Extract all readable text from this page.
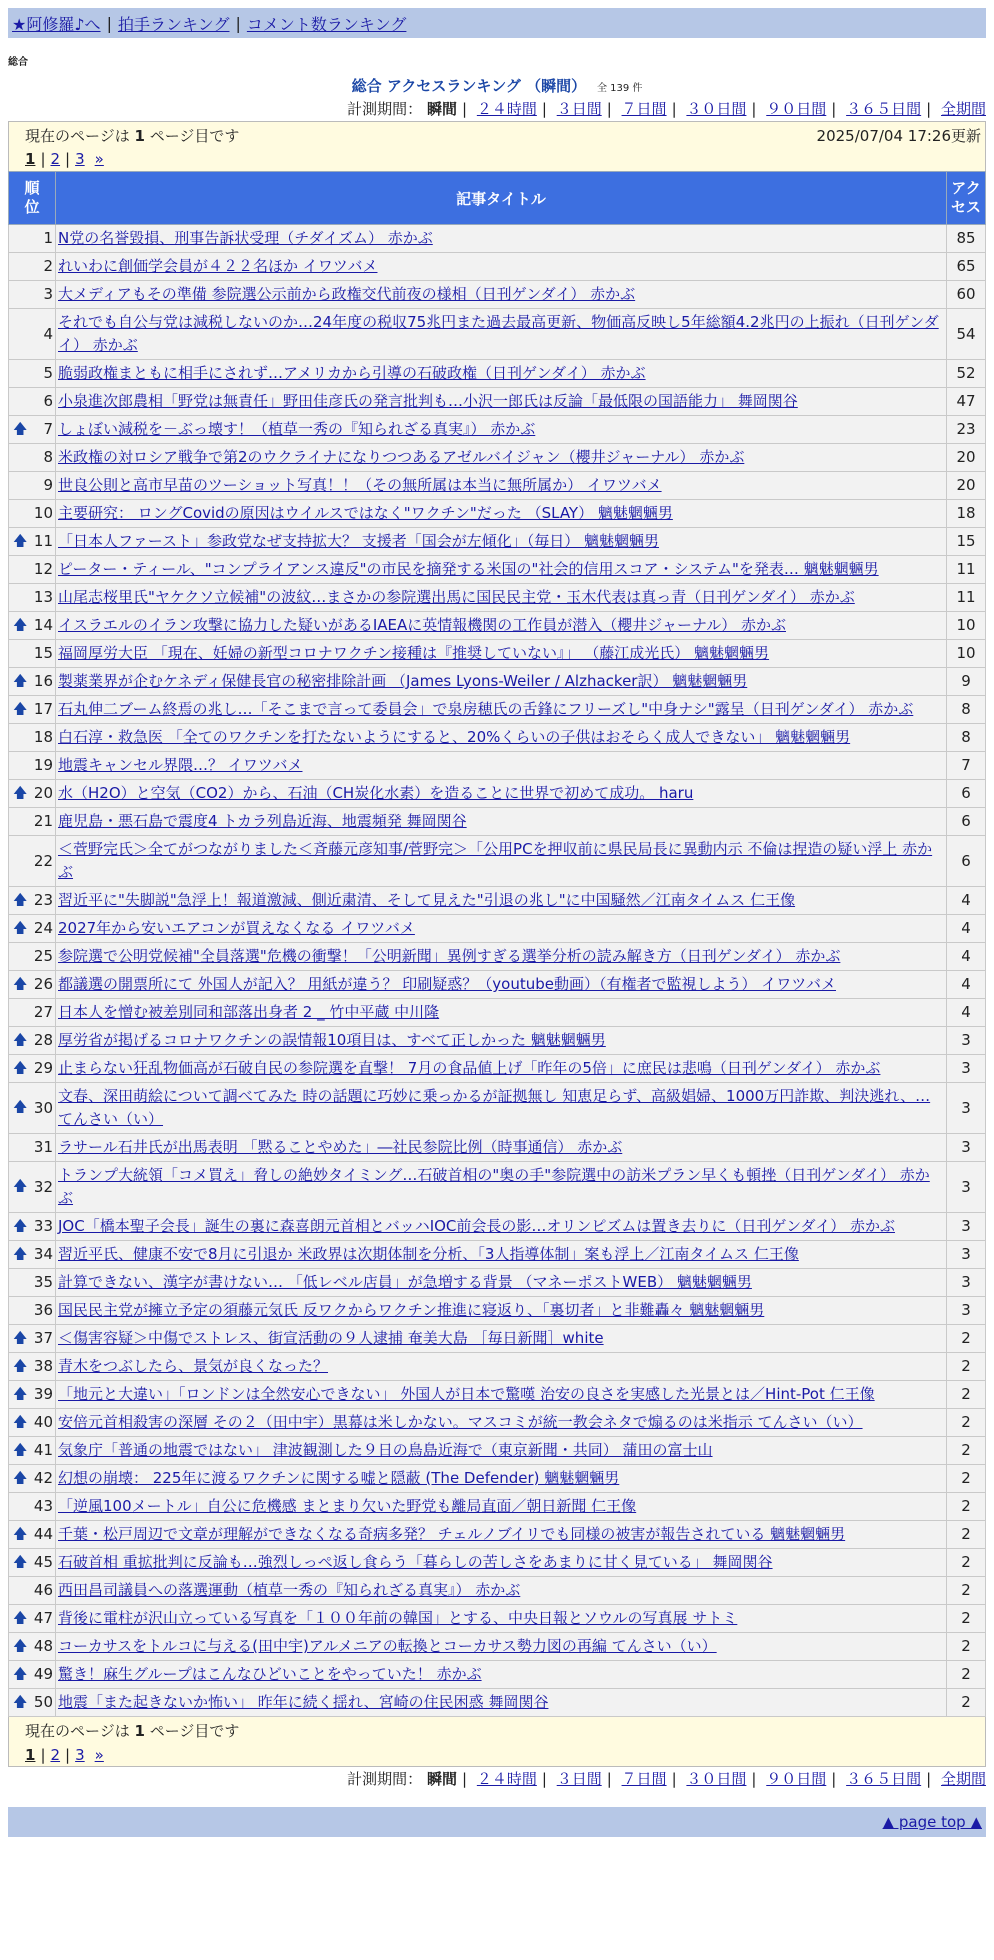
★阿修羅♪へ | 拍手ランキング | コメント数ランキング
総合
総合 アクセスランキング （瞬間） 全 139 件
計測期間： 瞬間 | ２４時間 | ３日間 | ７日間 | ３０日間 | ９０日間 | ３６５日間 | 全期間
現在のページは 1 ページ目です	2025/07/04 17:26更新
1 | 2 | 3 »
順
位	記事タイトル	アク
セス
1	N党の名誉毀損、刑事告訴状受理（チダイズム） 赤かぶ	85
2	れいわに創価学会員が４２２名ほか イワツバメ	65
3	大メディアもその準備 参院選公示前から政権交代前夜の様相（日刊ゲンダイ） 赤かぶ	60
4	それでも自公与党は減税しないのか…24年度の税収75兆円また過去最高更新、物価高反映し5年総額4.2兆円の上振れ（日刊ゲンダイ） 赤かぶ	54
5	脆弱政権まともに相手にされず…アメリカから引導の石破政権（日刊ゲンダイ） 赤かぶ	52
6	小泉進次郎農相「野党は無責任」野田佳彦氏の発言批判も…小沢一郎氏は反論「最低限の国語能力」 舞岡関谷	47

🡅 7	しょぼい減税を－ぶっ壊す！（植草一秀の『知られざる真実』） 赤かぶ	23
8	米政権の対ロシア戦争で第2のウクライナになりつつあるアゼルバイジャン（櫻井ジャーナル） 赤かぶ	20
9	世良公則と高市早苗のツーショット写真！！（その無所属は本当に無所属か） イワツバメ	20
10	主要研究： ロングCovidの原因はウイルスではなく"ワクチン"だった （SLAY） 魑魅魍魎男	18

🡅 11	「日本人ファースト」参政党なぜ支持拡大？ 支援者「国会が左傾化」（毎日） 魑魅魍魎男	15
12	ピーター・ティール、"コンプライアンス違反"の市民を摘発する米国の"社会的信用スコア・システム"を発表… 魑魅魍魎男	11
13	山尾志桜里氏"ヤケクソ立候補"の波紋…まさかの参院選出馬に国民民主党・玉木代表は真っ青（日刊ゲンダイ） 赤かぶ	11

🡅 14	イスラエルのイラン攻撃に協力した疑いがあるIAEAに英情報機関の工作員が潜入（櫻井ジャーナル） 赤かぶ	10
15	福岡厚労大臣 「現在、妊婦の新型コロナワクチン接種は『推奨していない』」 （藤江成光氏） 魑魅魍魎男	10

🡅 16	製薬業界が企むケネディ保健長官の秘密排除計画 （James Lyons-Weiler / Alzhacker訳） 魑魅魍魎男	9

🡅 17	石丸伸二ブーム終焉の兆し…「そこまで言って委員会」で泉房穂氏の舌鋒にフリーズし"中身ナシ"露呈（日刊ゲンダイ） 赤かぶ	8
18	白石淳・救急医 「全てのワクチンを打たないようにすると、20%くらいの子供はおそらく成人できない」 魑魅魍魎男	8
19	地震キャンセル界隈…？ イワツバメ	7

🡅 20	水（H2O）と空気（CO2）から、石油（CH炭化水素）を造ることに世界で初めて成功。 haru	6
21	鹿児島・悪石島で震度4 トカラ列島近海、地震頻発 舞岡関谷	6
22	＜菅野完氏＞全てがつながりました＜斉藤元彦知事/菅野完＞「公用PCを押収前に県民局長に異動内示 不倫は捏造の疑い浮上 赤かぶ	6

🡅 23	習近平に"失脚説"急浮上！報道激減、側近粛清、そして見えた"引退の兆し"に中国騒然／江南タイムス 仁王像	4

🡅 24	2027年から安いエアコンが買えなくなる イワツバメ	4
25	参院選で公明党候補"全員落選"危機の衝撃！「公明新聞」異例すぎる選挙分析の読み解き方（日刊ゲンダイ） 赤かぶ	4

🡅 26	都議選の開票所にて 外国人が記入？ 用紙が違う？ 印刷疑惑？（youtube動画）（有権者で監視しよう） イワツバメ	4
27	日本人を憎む被差別同和部落出身者 2 _ 竹中平蔵 中川隆	4

🡅 28	厚労省が掲げるコロナワクチンの誤情報10項目は、すべて正しかった 魑魅魍魎男	3

🡅 29	止まらない狂乱物価高が石破自民の参院選を直撃！ 7月の食品値上げ「昨年の5倍」に庶民は悲鳴（日刊ゲンダイ） 赤かぶ	3

🡅 30	文春、深田萌絵について調べてみた 時の話題に巧妙に乗っかるが証拠無し 知恵足らず、高級娼婦、1000万円詐欺、判決逃れ、… てんさい（い）	3
31	ラサール石井氏が出馬表明 「黙ることやめた」―社民参院比例（時事通信） 赤かぶ	3

🡅 32	トランプ大統領「コメ買え」脅しの絶妙タイミング…石破首相の"奥の手"参院選中の訪米プラン早くも頓挫（日刊ゲンダイ） 赤かぶ	3

🡅 33	JOC「橋本聖子会長」誕生の裏に森喜朗元首相とバッハIOC前会長の影…オリンピズムは置き去りに（日刊ゲンダイ） 赤かぶ	3

🡅 34	習近平氏、健康不安で8月に引退か 米政界は次期体制を分析、「3人指導体制」案も浮上／江南タイムス 仁王像	3
35	計算できない、漢字が書けない… 「低レベル店員」が急増する背景 （マネーポストWEB） 魑魅魍魎男	3
36	国民民主党が擁立予定の須藤元気氏 反ワクからワクチン推進に寝返り、「裏切者」と非難轟々 魑魅魍魎男	3

🡅 37	＜傷害容疑＞中傷でストレス、街宣活動の９人逮捕 奄美大島 ［毎日新聞］white	2

🡅 38	青木をつぶしたら、景気が良くなった？	2

🡅 39	「地元と大違い」「ロンドンは全然安心できない」 外国人が日本で驚嘆 治安の良さを実感した光景とは／Hint-Pot 仁王像	2

🡅 40	安倍元首相殺害の深層 その２（田中宇）黒幕は米しかない。マスコミが統一教会ネタで煽るのは米指示 てんさい（い）	2

🡅 41	気象庁「普通の地震ではない」 津波観測した９日の鳥島近海で（東京新聞・共同） 蒲田の富士山	2

🡅 42	幻想の崩壊： 225年に渡るワクチンに関する嘘と隠蔽 (The Defender) 魑魅魍魎男	2
43	「逆風100メートル」自公に危機感 まとまり欠いた野党も離局直面／朝日新聞 仁王像	2

🡅 44	千葉・松戸周辺で文章が理解ができなくなる奇病多発？ チェルノブイリでも同様の被害が報告されている 魑魅魍魎男	2

🡅 45	石破首相 重拡批判に反論も…強烈しっぺ返し食らう「暮らしの苦しさをあまりに甘く見ている」 舞岡関谷	2
46	西田昌司議員への落選運動（植草一秀の『知られざる真実』） 赤かぶ	2

🡅 47	背後に電柱が沢山立っている写真を「１００年前の韓国」とする、中央日報とソウルの写真展 サトミ	2

🡅 48	コーカサスをトルコに与える(田中宇)アルメニアの転換とコーカサス勢力図の再編 てんさい（い）	2

🡅 49	驚き！麻生グループはこんなひどいことをやっていた！ 赤かぶ	2

🡅 50	地震「また起きないか怖い」 昨年に続く揺れ、宮崎の住民困惑 舞岡関谷	2
現在のページは 1 ページ目です
1 | 2 | 3 »
計測期間： 瞬間 | ２４時間 | ３日間 | ７日間 | ３０日間 | ９０日間 | ３６５日間 | 全期間
▲ page top ▲
